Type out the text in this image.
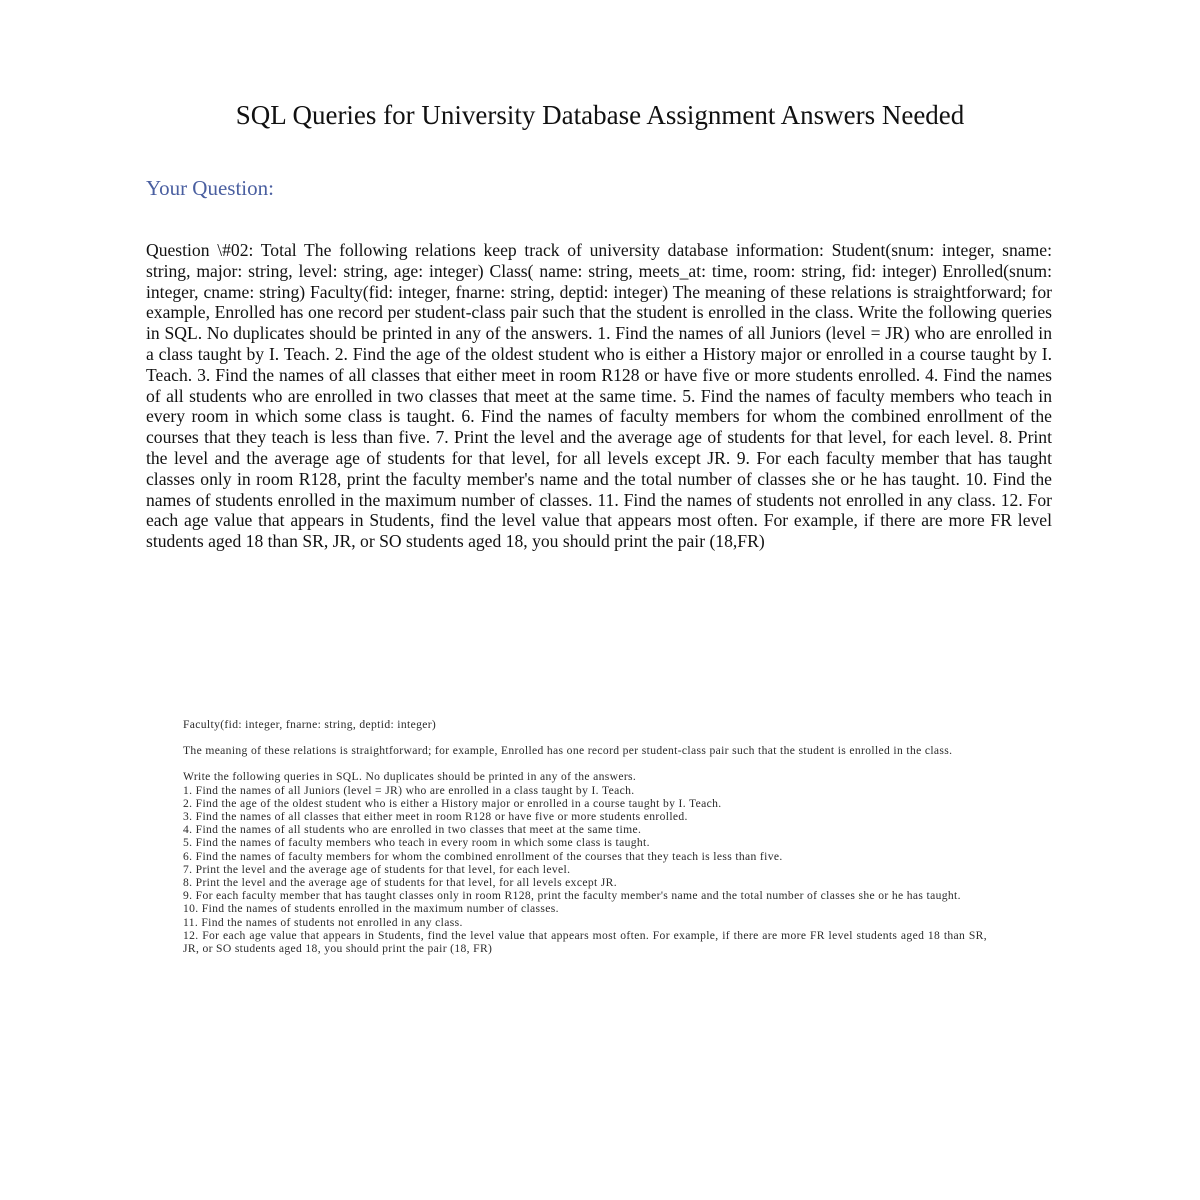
SQL Queries for University Database Assignment Answers Needed
Your Question:

Question \#02: Total The following relations keep track of university database information: Student(snum: integer, sname: string, major: string, level: string, age: integer) Class( name: string, meets_at: time, room: string, fid: integer) Enrolled(snum: integer, cname: string) Faculty(fid: integer, fnarne: string, deptid: integer) The meaning of these relations is straightforward; for example, Enrolled has one record per student-class pair such that the student is enrolled in the class. Write the following queries in SQL. No duplicates should be printed in any of the answers. 1. Find the names of all Juniors (level = JR) who are enrolled in a class taught by I. Teach. 2. Find the age of the oldest student who is either a History major or enrolled in a course taught by I. Teach. 3. Find the names of all classes that either meet in room R128 or have five or more students enrolled. 4. Find the names of all students who are enrolled in two classes that meet at the same time. 5. Find the names of faculty members who teach in every room in which some class is taught. 6. Find the names of faculty members for whom the combined enrollment of the courses that they teach is less than five. 7. Print the level and the average age of students for that level, for each level. 8. Print the level and the average age of students for that level, for all levels except JR. 9. For each faculty member that has taught classes only in room R128, print the faculty member's name and the total number of classes she or he has taught. 10. Find the names of students enrolled in the maximum number of classes. 11. Find the names of students not enrolled in any class. 12. For each age value that appears in Students, find the level value that appears most often. For example, if there are more FR level students aged 18 than SR, JR, or SO students aged 18, you should print the pair (18,FR)

Faculty(fid: integer, fnarne: string, deptid: integer)

The meaning of these relations is straightforward; for example, Enrolled has one record per student-class pair such that the student is enrolled in the class.

Write the following queries in SQL. No duplicates should be printed in any of the answers.

1. Find the names of all Juniors (level = JR) who are enrolled in a class taught by I. Teach.

2. Find the age of the oldest student who is either a History major or enrolled in a course taught by I. Teach.

3. Find the names of all classes that either meet in room R128 or have five or more students enrolled.

4. Find the names of all students who are enrolled in two classes that meet at the same time.

5. Find the names of faculty members who teach in every room in which some class is taught.

6. Find the names of faculty members for whom the combined enrollment of the courses that they teach is less than five.

7. Print the level and the average age of students for that level, for each level.

8. Print the level and the average age of students for that level, for all levels except JR.

9. For each faculty member that has taught classes only in room R128, print the faculty member's name and the total number of classes she or he has taught.

10. Find the names of students enrolled in the maximum number of classes.

11. Find the names of students not enrolled in any class.

12. For each age value that appears in Students, find the level value that appears most often. For example, if there are more FR level students aged 18 than SR, JR, or SO students aged 18, you should print the pair (18, FR)
